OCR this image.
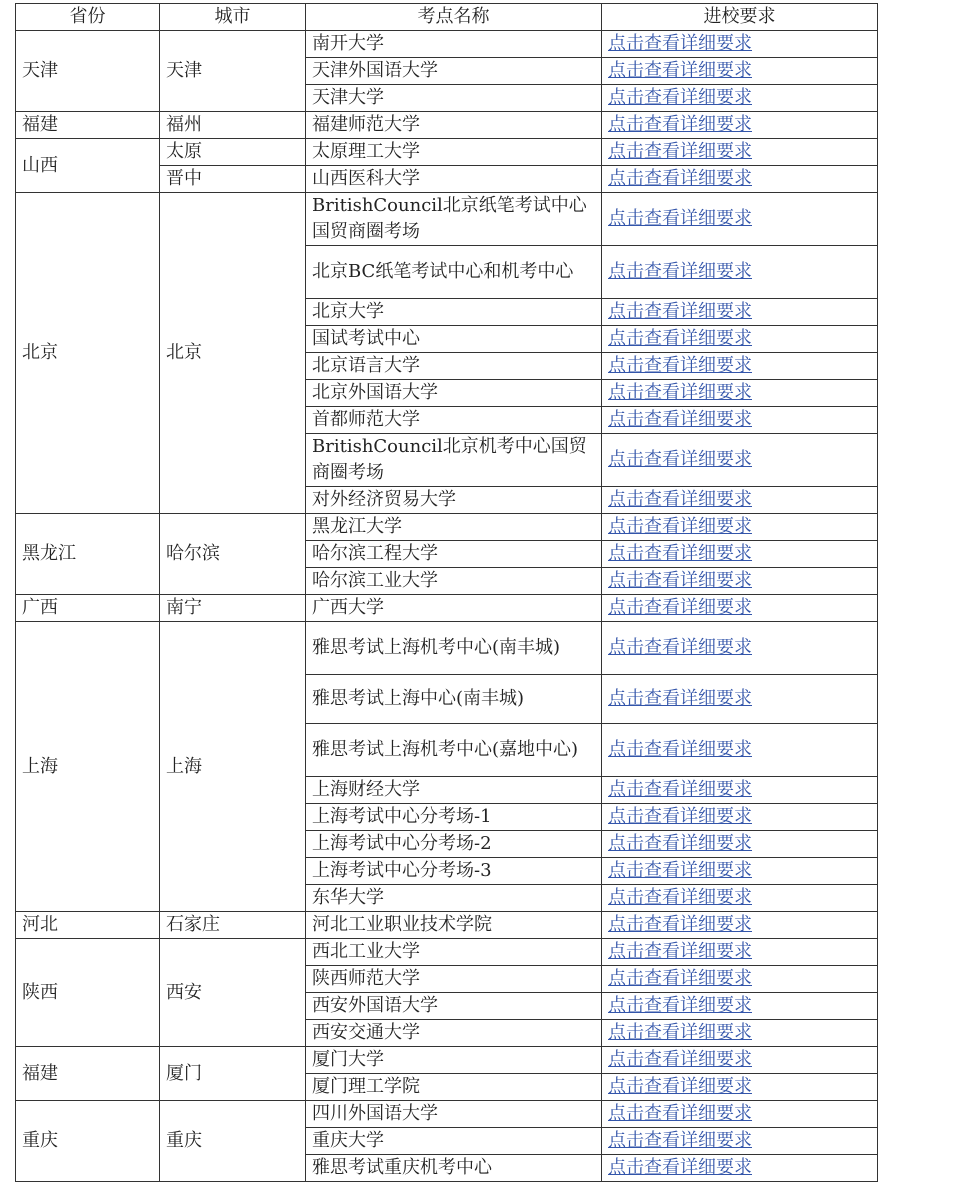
省份	城市	考点名称	进校要求
天津	天津	南开大学	点击查看详细要求
		天津外国语大学	点击查看详细要求
		天津大学	点击查看详细要求
福建	福州	福建师范大学	点击查看详细要求
山西	太原	太原理工大学	点击查看详细要求
	晋中	山西医科大学	点击查看详细要求
北京	北京	BritishCouncil北京纸笔考试中心国贸商圈考场	点击查看详细要求
		北京BC纸笔考试中心和机考中心	点击查看详细要求
		北京大学	点击查看详细要求
		国试考试中心	点击查看详细要求
		北京语言大学	点击查看详细要求
		北京外国语大学	点击查看详细要求
		首都师范大学	点击查看详细要求
		BritishCouncil北京机考中心国贸商圈考场	点击查看详细要求
		对外经济贸易大学	点击查看详细要求
黑龙江	哈尔滨	黑龙江大学	点击查看详细要求
		哈尔滨工程大学	点击查看详细要求
		哈尔滨工业大学	点击查看详细要求
广西	南宁	广西大学	点击查看详细要求
上海	上海	雅思考试上海机考中心(南丰城)	点击查看详细要求
		雅思考试上海中心(南丰城)	点击查看详细要求
		雅思考试上海机考中心(嘉地中心)	点击查看详细要求
		上海财经大学	点击查看详细要求
		上海考试中心分考场-1	点击查看详细要求
		上海考试中心分考场-2	点击查看详细要求
		上海考试中心分考场-3	点击查看详细要求
		东华大学	点击查看详细要求
河北	石家庄	河北工业职业技术学院	点击查看详细要求
陕西	西安	西北工业大学	点击查看详细要求
		陕西师范大学	点击查看详细要求
		西安外国语大学	点击查看详细要求
		西安交通大学	点击查看详细要求
福建	厦门	厦门大学	点击查看详细要求
		厦门理工学院	点击查看详细要求
重庆	重庆	四川外国语大学	点击查看详细要求
		重庆大学	点击查看详细要求
		雅思考试重庆机考中心	点击查看详细要求
